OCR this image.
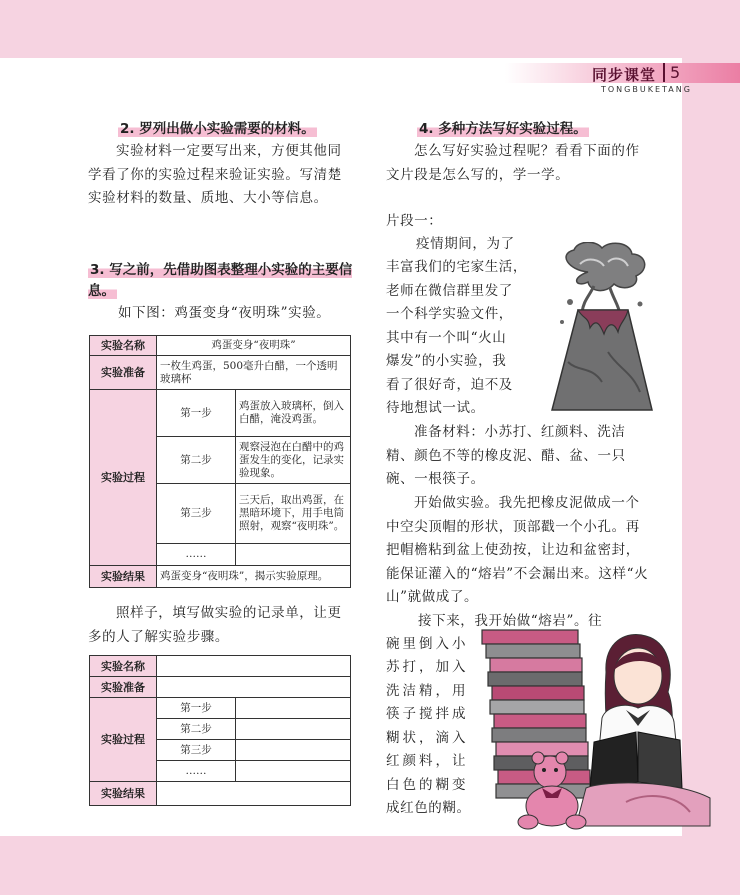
同步课堂 5
TONGBUKETANG
2. 罗列出做小实验需要的材料。
实验材料一定要写出来，方便其他同学看了你的实验过程来验证实验。写清楚实验材料的数量、质地、大小等信息。
3. 写之前，先借助图表整理小实验的主要信息。
如下图：鸡蛋变身“夜明珠”实验。
实验名称	鸡蛋变身“夜明珠”	
实验准备	一枚生鸡蛋，500毫升白醋，一个透明玻璃杯	
实验过程	第一步	鸡蛋放入玻璃杯，倒入白醋，淹没鸡蛋。
	第二步	观察浸泡在白醋中的鸡蛋发生的变化，记录实验现象。
	第三步	三天后，取出鸡蛋，在黑暗环境下，用手电筒照射，观察“夜明珠”。
	……	
实验结果	鸡蛋变身“夜明珠”，揭示实验原理。	
照样子，填写做实验的记录单，让更多的人了解实验步骤。
实验名称		
实验准备		
实验过程	第一步	
	第二步	
	第三步	
	……	
实验结果		
4. 多种方法写好实验过程。
怎么写好实验过程呢？看看下面的作文片段是怎么写的，学一学。
片段一：
疫情期间，为了
丰富我们的宅家生活，
老师在微信群里发了
一个科学实验文件，
其中有一个叫“火山
爆发”的小实验，我
看了很好奇，迫不及
待地想试一试。
准备材料：小苏打、红颜料、洗洁精、颜色不等的橡皮泥、醋、盆、一只碗、一根筷子。
开始做实验。我先把橡皮泥做成一个中空尖顶帽的形状，顶部戳一个小孔。再把帽檐粘到盆上使劲按，让边和盆密封，能保证灌入的“熔岩”不会漏出来。这样“火山”就做成了。
接下来，我开始做“熔岩”。往
碗里倒入小
苏打，加入
洗洁精，用
筷子搅拌成
糊状，滴入
红颜料，让
白色的糊变
成红色的糊。
